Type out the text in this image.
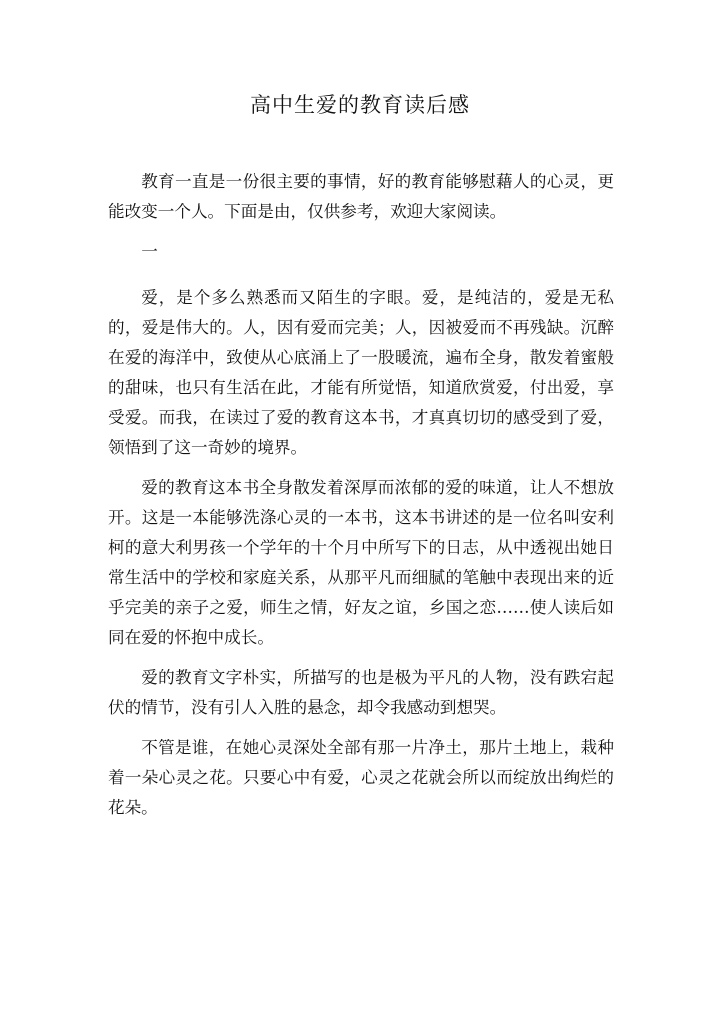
高中生爱的教育读后感

教育一直是一份很主要的事情，好的教育能够慰藉人的心灵，更能改变一个人。下面是由，仅供参考，欢迎大家阅读。

一

爱，是个多么熟悉而又陌生的字眼。爱，是纯洁的，爱是无私的，爱是伟大的。人，因有爱而完美；人，因被爱而不再残缺。沉醉在爱的海洋中，致使从心底涌上了一股暖流，遍布全身，散发着蜜般的甜味，也只有生活在此，才能有所觉悟，知道欣赏爱，付出爱，享受爱。而我，在读过了爱的教育这本书，才真真切切的感受到了爱，领悟到了这一奇妙的境界。

爱的教育这本书全身散发着深厚而浓郁的爱的味道，让人不想放开。这是一本能够洗涤心灵的一本书，这本书讲述的是一位名叫安利柯的意大利男孩一个学年的十个月中所写下的日志，从中透视出她日常生活中的学校和家庭关系，从那平凡而细腻的笔触中表现出来的近乎完美的亲子之爱，师生之情，好友之谊，乡国之恋……使人读后如同在爱的怀抱中成长。

爱的教育文字朴实，所描写的也是极为平凡的人物，没有跌宕起伏的情节，没有引人入胜的悬念，却令我感动到想哭。

不管是谁，在她心灵深处全部有那一片净土，那片土地上，栽种着一朵心灵之花。只要心中有爱，心灵之花就会所以而绽放出绚烂的花朵。
